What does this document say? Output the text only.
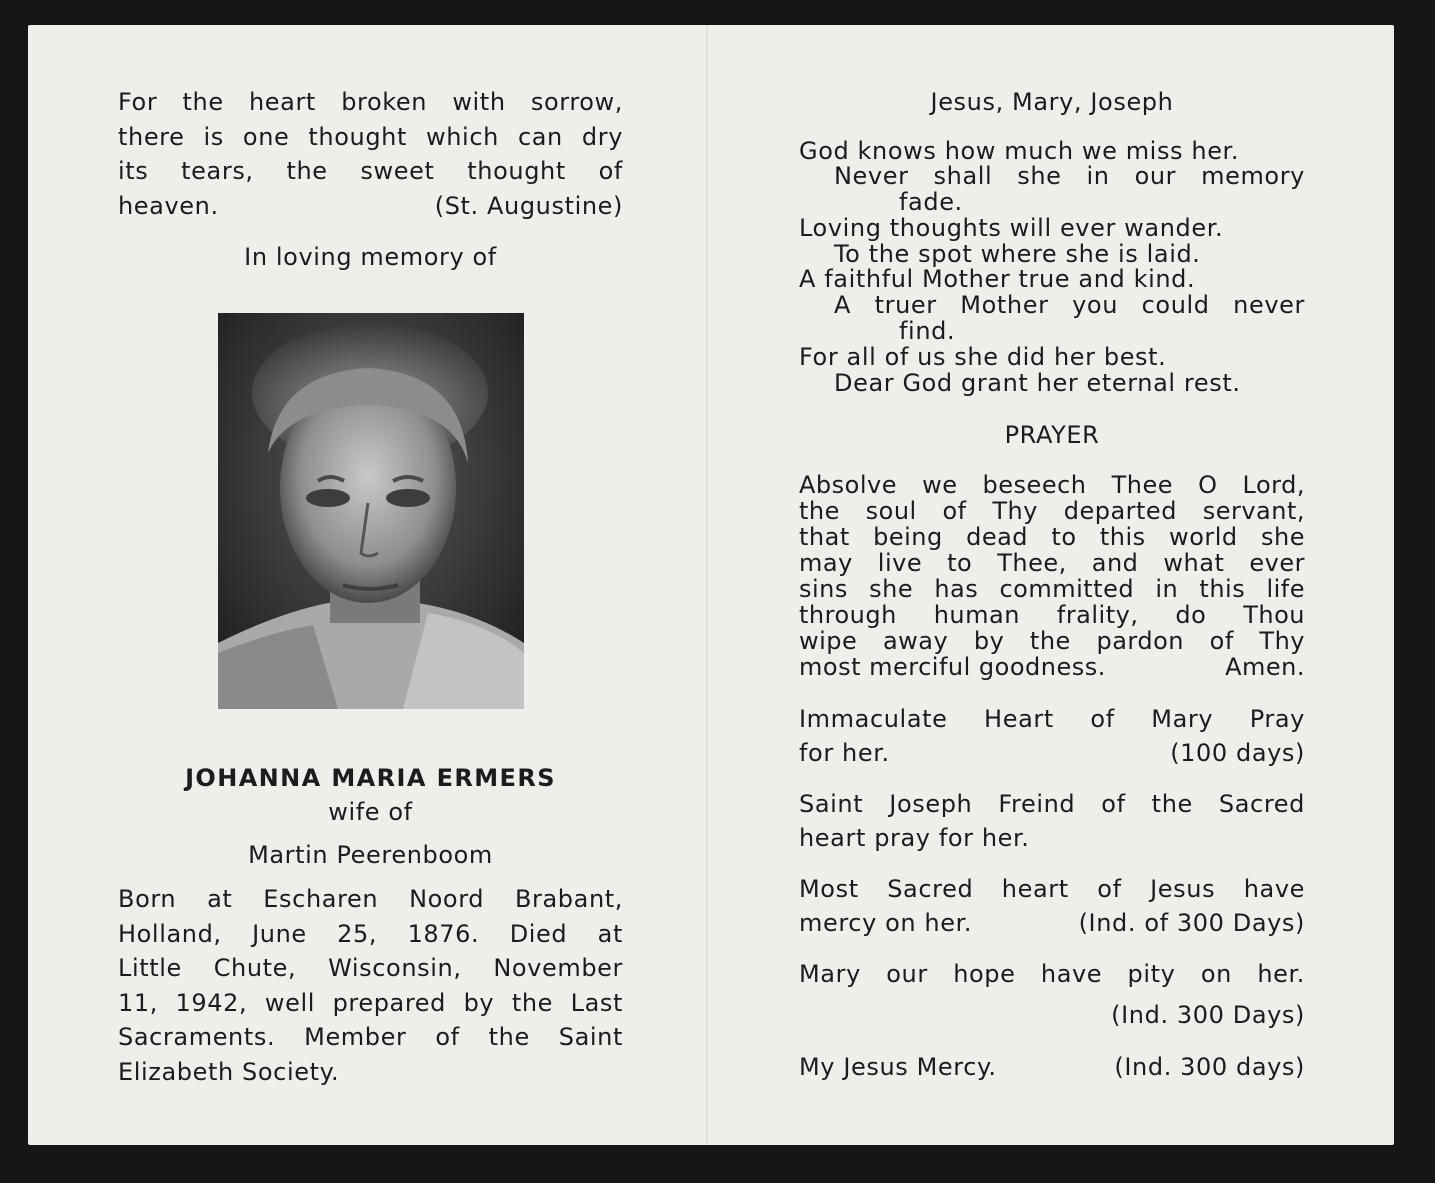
For the heart broken with sorrow,

there is one thought which can dry

its tears, the sweet thought of

heaven.	(St. Augustine)

In loving memory of

JOHANNA MARIA ERMERS

wife of

Martin Peerenboom

Born at Escharen Noord Brabant,

Holland, June 25, 1876. Died at

Little Chute, Wisconsin, November

11, 1942, well prepared by the Last

Sacraments. Member of the Saint

Elizabeth Society.

Jesus, Mary, Joseph

God knows how much we miss her.

Never shall she in our memory

fade.

Loving thoughts will ever wander.

To the spot where she is laid.

A faithful Mother true and kind.

A truer Mother you could never

find.

For all of us she did her best.

Dear God grant her eternal rest.

PRAYER

Absolve we beseech Thee O Lord,

the soul of Thy departed servant,

that being dead to this world she

may live to Thee, and what ever

sins she has committed in this life

through human frality, do Thou

wipe away by the pardon of Thy

most merciful goodness.	Amen.

Immaculate Heart of Mary Pray

for her.	(100 days)

Saint Joseph Freind of the Sacred

heart pray for her.

Most Sacred heart of Jesus have

mercy on her.	(Ind. of 300 Days)

Mary our hope have pity on her.

(Ind. 300 Days)

My Jesus Mercy.	(Ind. 300 days)
